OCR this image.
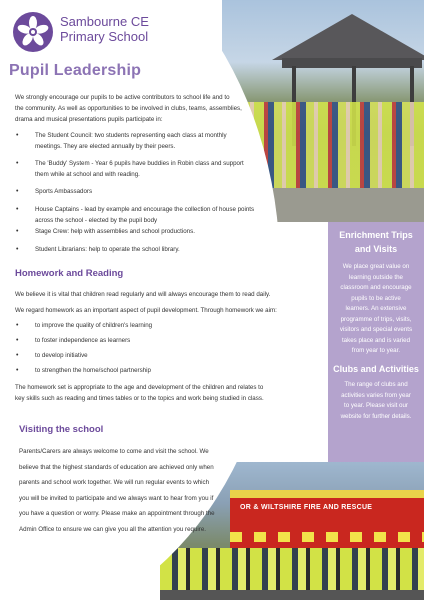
OR & WILTSHIRE FIRE AND RESCUE
Enrichment Trips
and Visits

We place great value on

learning outside the

classroom and encourage

pupils to be active

learners. An extensive

programme of trips, visits,

visitors and special events

takes place and is varied

from year to year.

Clubs and Activities

The range of clubs and

activities varies from year

to year. Please visit our

website for further details.

Sambourne CE
Primary School
Pupil Leadership
We strongly encourage our pupils to be active contributors to school life and to
the community. As well as opportunities to be involved in clubs, teams, assemblies,
drama and musical presentations pupils participate in:
•	The Student Council: two students representing each class at monthly
meetings. They are elected annually by their peers.
•	The 'Buddy' System - Year 6 pupils have buddies in Robin class and support
them while at school and with reading.
•	Sports Ambassadors
•	House Captains - lead by example and encourage the collection of house points
across the school - elected by the pupil body
•	Stage Crew: help with assemblies and school productions.
•	Student Librarians: help to operate the school library.
Homework and Reading
We believe it is vital that children read regularly and will always encourage them to read daily.
We regard homework as an important aspect of pupil development. Through homework we aim:
•	to improve the quality of children's learning
•	to foster independence as learners
•	to develop initiative
•	to strengthen the home/school partnership
The homework set is appropriate to the age and development of the children and relates to
key skills such as reading and times tables or to the topics and work being studied in class.
Visiting the school
Parents/Carers are always welcome to come and visit the school. We
believe that the highest standards of education are achieved only when
parents and school work together. We will run regular events to which
you will be invited to participate and we always want to hear from you if
you have a question or worry. Please make an appointment through the
Admin Office to ensure we can give you all the attention you require.
